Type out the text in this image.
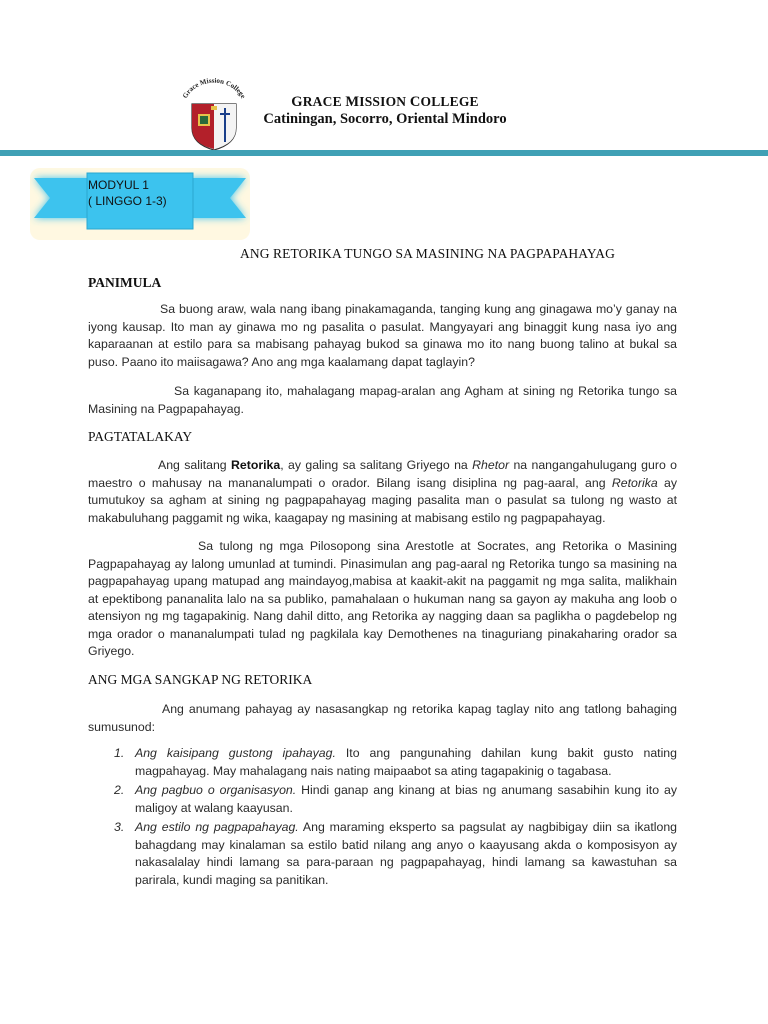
Grace Mission College	GRACE MISSION COLLEGE
Catiningan, Socorro, Oriental Mindoro
MODYUL 1
( LINGGO 1-3)
ANG RETORIKA TUNGO SA MASINING NA PAGPAPAHAYAG
PANIMULA

Sa buong araw, wala nang ibang pinakamaganda, tanging kung ang ginagawa mo’y ganay na iyong kausap. Ito man ay ginawa mo ng pasalita o pasulat. Mangyayari ang binaggit kung nasa iyo ang kaparaanan at estilo para sa mabisang pahayag bukod sa ginawa mo ito nang buong talino at bukal sa puso. Paano ito maiisagawa? Ano ang mga kaalamang dapat taglayin?

Sa kaganapang ito, mahalagang mapag-aralan ang Agham at sining ng Retorika tungo sa Masining na Pagpapahayag.

PAGTATALAKAY

Ang salitang Retorika, ay galing sa salitang Griyego na Rhetor na nangangahulugang guro o maestro o mahusay na mananalumpati o orador. Bilang isang disiplina ng pag-aaral, ang Retorika ay tumutukoy sa agham at sining ng pagpapahayag maging pasalita man o pasulat sa tulong ng wasto at makabuluhang paggamit ng wika, kaagapay ng masining at mabisang estilo ng pagpapahayag.

Sa tulong ng mga Pilosopong sina Arestotle at Socrates, ang Retorika o Masining Pagpapahayag ay lalong umunlad at tumindi. Pinasimulan ang pag-aaral ng Retorika tungo sa masining na pagpapahayag upang matupad ang maindayog,mabisa at kaakit-akit na paggamit ng mga salita, malikhain at epektibong pananalita lalo na sa publiko, pamahalaan o hukuman nang sa gayon ay makuha ang loob o atensiyon ng mg tagapakinig. Nang dahil ditto, ang Retorika ay nagging daan sa paglikha o pagdebelop ng mga orador o mananalumpati tulad ng pagkilala kay Demothenes na tinaguriang pinakaharing orador sa Griyego.

ANG MGA SANGKAP NG RETORIKA

Ang anumang pahayag ay nasasangkap ng retorika kapag taglay nito ang tatlong bahaging sumusunod:

1. Ang kaisipang gustong ipahayag. Ito ang pangunahing dahilan kung bakit gusto nating magpahayag. May mahalagang nais nating maipaabot sa ating tagapakinig o tagabasa.
2. Ang pagbuo o organisasyon. Hindi ganap ang kinang at bias ng anumang sasabihin kung ito ay maligoy at walang kaayusan.
3. Ang estilo ng pagpapahayag. Ang maraming eksperto sa pagsulat ay nagbibigay diin sa ikatlong bahagdang may kinalaman sa estilo batid nilang ang anyo o kaayusang akda o komposisyon ay nakasalalay hindi lamang sa para-paraan ng pagpapahayag, hindi lamang sa kawastuhan sa parirala, kundi maging sa panitikan.
